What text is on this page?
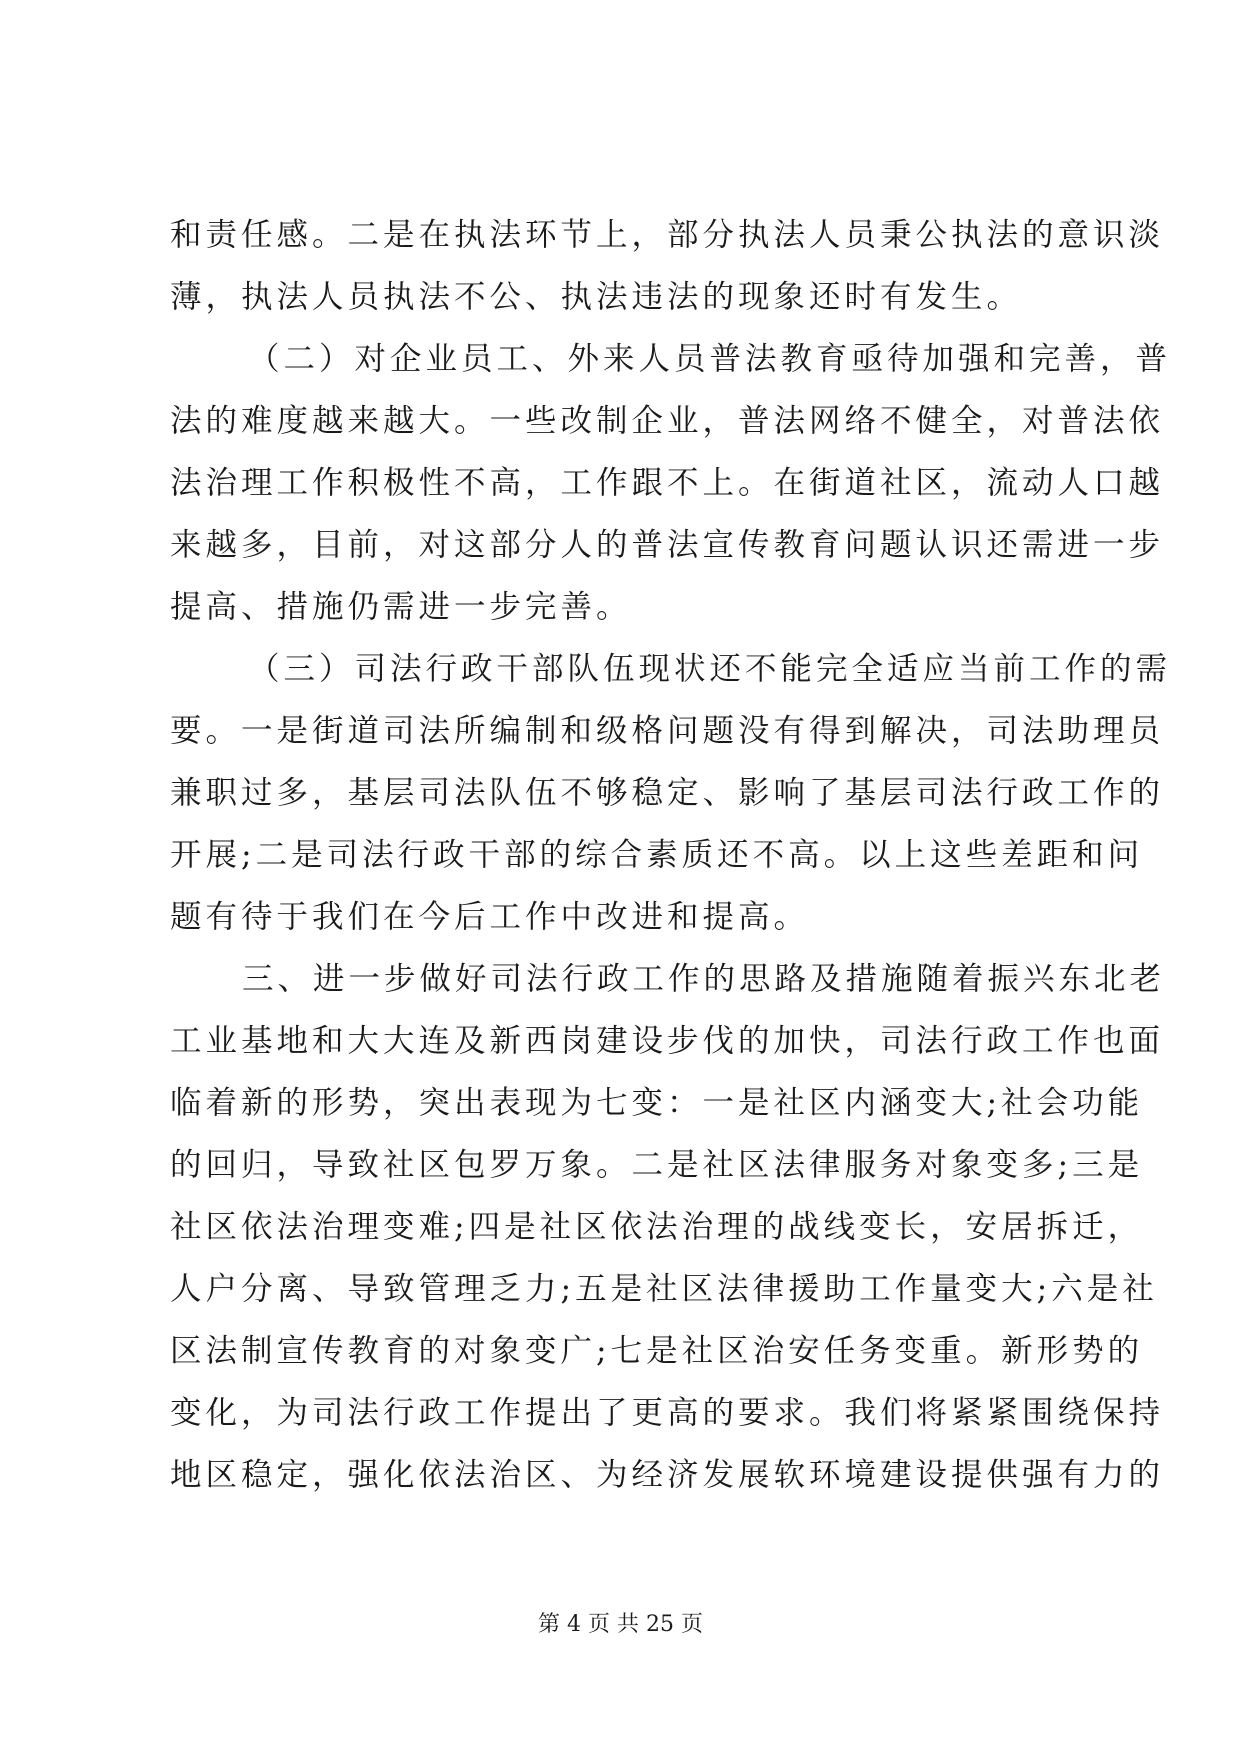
和责任感。二是在执法环节上，部分执法人员秉公执法的意识淡
薄，执法人员执法不公、执法违法的现象还时有发生。
（二）对企业员工、外来人员普法教育亟待加强和完善，普
法的难度越来越大。一些改制企业，普法网络不健全，对普法依
法治理工作积极性不高，工作跟不上。在街道社区，流动人口越
来越多，目前，对这部分人的普法宣传教育问题认识还需进一步
提高、措施仍需进一步完善。
（三）司法行政干部队伍现状还不能完全适应当前工作的需
要。一是街道司法所编制和级格问题没有得到解决，司法助理员
兼职过多，基层司法队伍不够稳定、影响了基层司法行政工作的
开展;二是司法行政干部的综合素质还不高。以上这些差距和问
题有待于我们在今后工作中改进和提高。
三、进一步做好司法行政工作的思路及措施随着振兴东北老
工业基地和大大连及新西岗建设步伐的加快，司法行政工作也面
临着新的形势，突出表现为七变：一是社区内涵变大;社会功能
的回归，导致社区包罗万象。二是社区法律服务对象变多;三是
社区依法治理变难;四是社区依法治理的战线变长，安居拆迁，
人户分离、导致管理乏力;五是社区法律援助工作量变大;六是社
区法制宣传教育的对象变广;七是社区治安任务变重。新形势的
变化，为司法行政工作提出了更高的要求。我们将紧紧围绕保持
地区稳定，强化依法治区、为经济发展软环境建设提供强有力的
第 4 页 共 25 页
